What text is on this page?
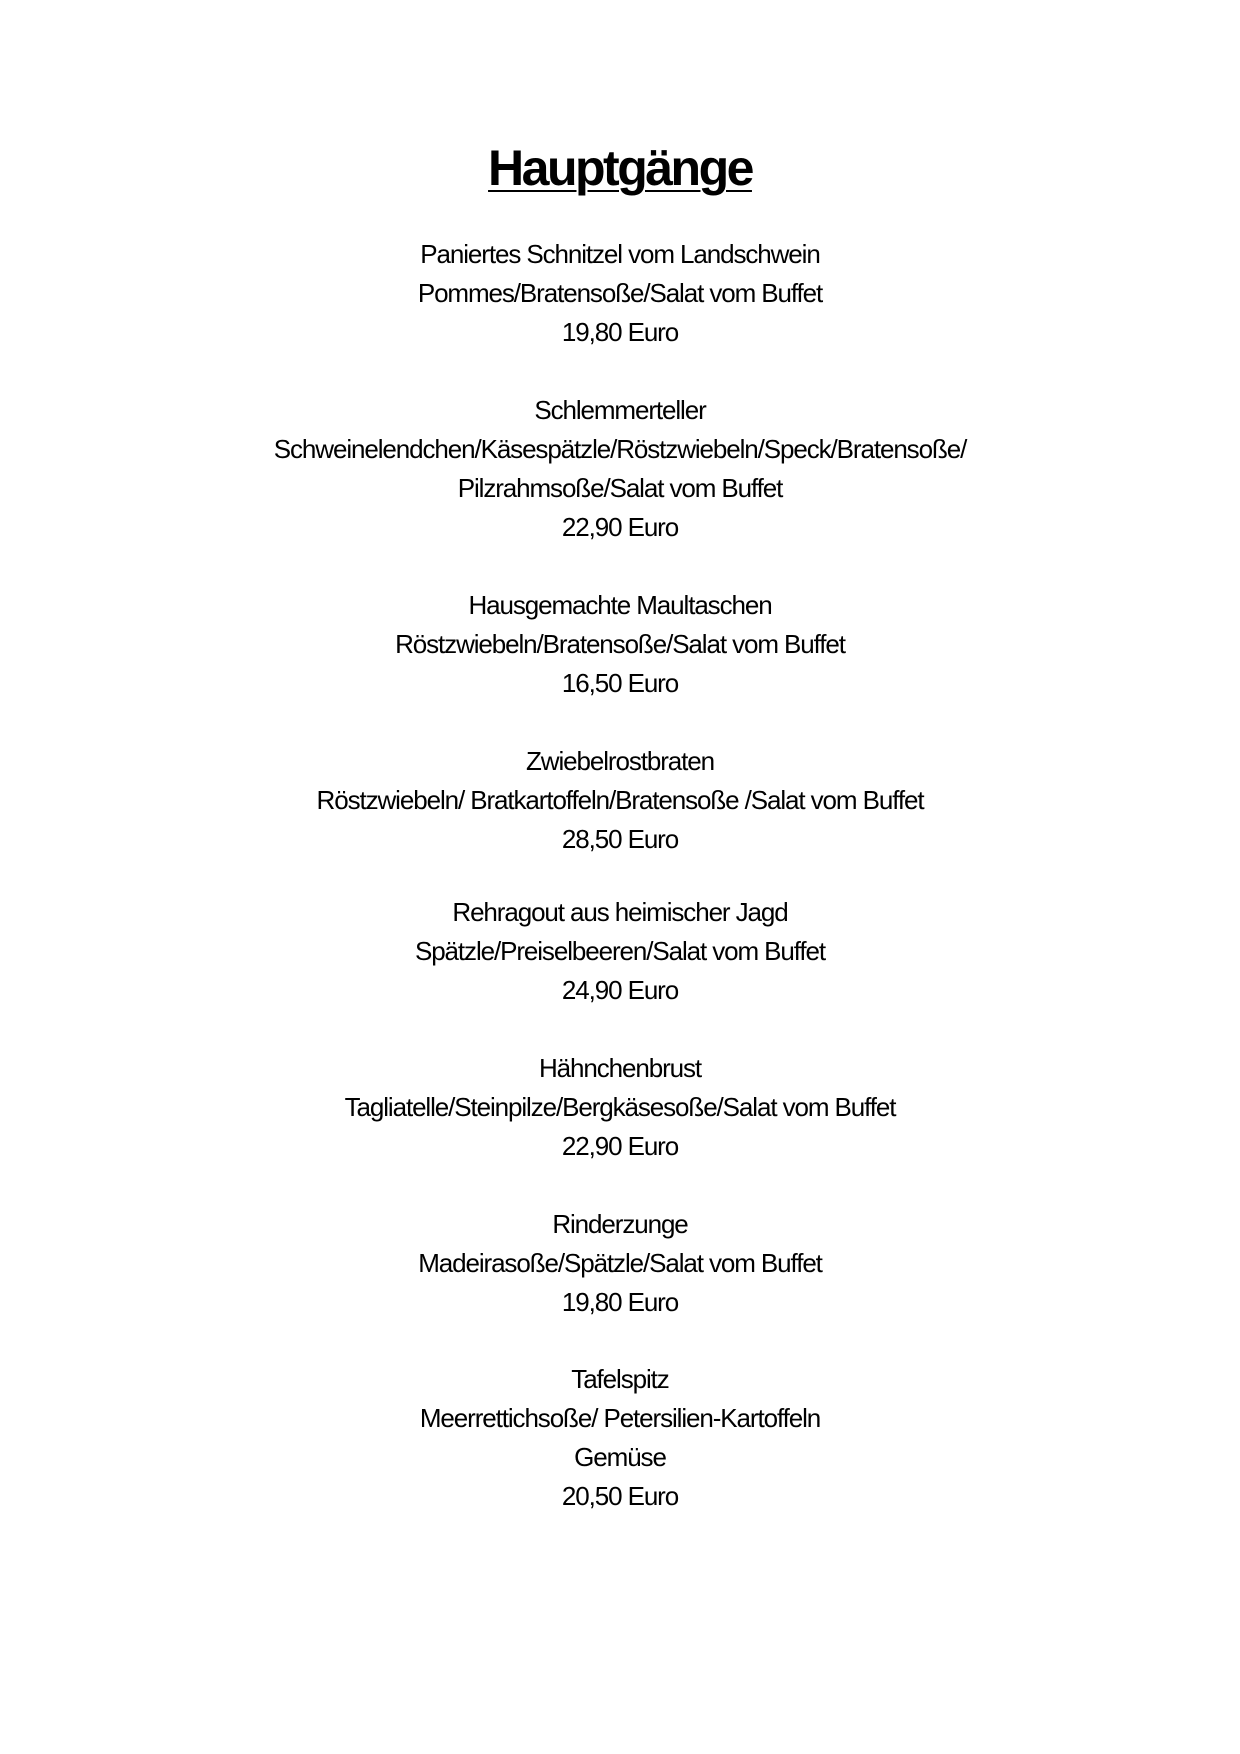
Hauptgänge
Paniertes Schnitzel vom Landschwein
Pommes/Bratensoße/Salat vom Buffet
19,80 Euro
Schlemmerteller
Schweinelendchen/Käsespätzle/Röstzwiebeln/Speck/Bratensoße/
Pilzrahmsoße/Salat vom Buffet
22,90 Euro
Hausgemachte Maultaschen
Röstzwiebeln/Bratensoße/Salat vom Buffet
16,50 Euro
Zwiebelrostbraten
Röstzwiebeln/ Bratkartoffeln/Bratensoße /Salat vom Buffet
28,50 Euro
Rehragout aus heimischer Jagd
Spätzle/Preiselbeeren/Salat vom Buffet
24,90 Euro
Hähnchenbrust
Tagliatelle/Steinpilze/Bergkäsesoße/Salat vom Buffet
22,90 Euro
Rinderzunge
Madeirasoße/Spätzle/Salat vom Buffet
19,80 Euro
Tafelspitz
Meerrettichsoße/ Petersilien-Kartoffeln
Gemüse
20,50 Euro
